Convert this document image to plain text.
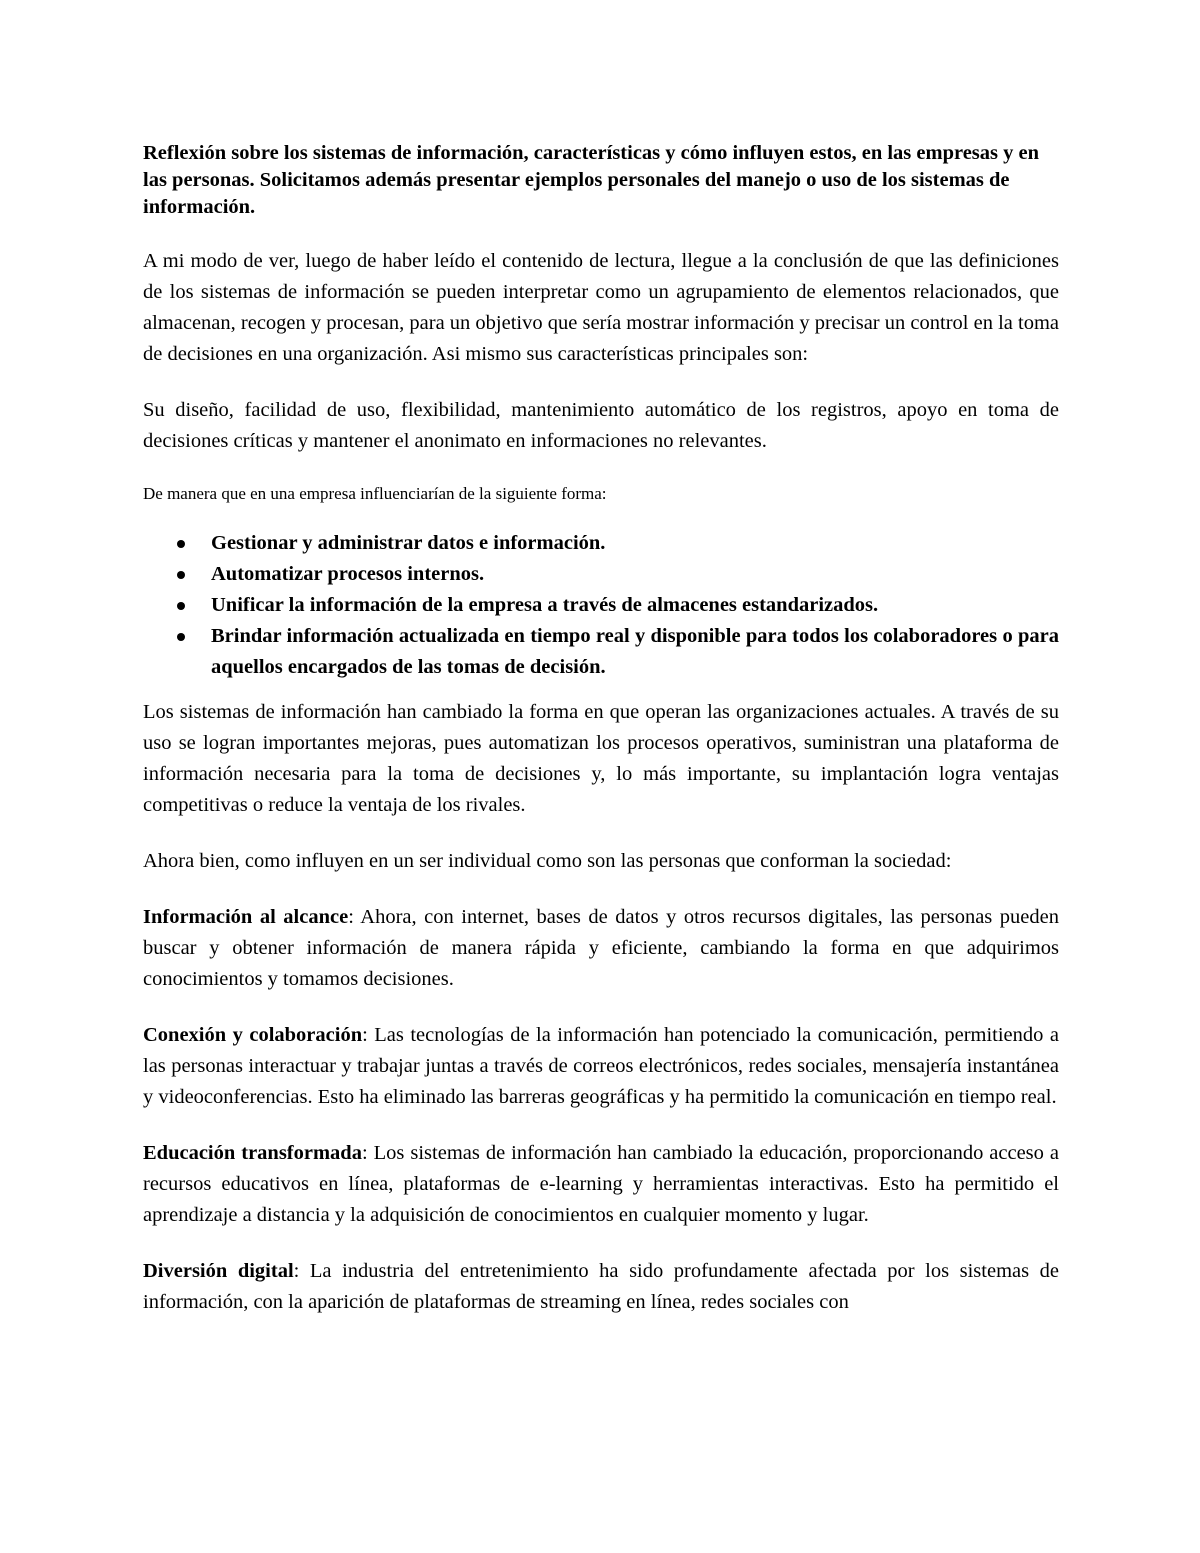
Reflexión sobre los sistemas de información, características y cómo influyen estos, en las empresas y en las personas. Solicitamos además presentar ejemplos personales del manejo o uso de los sistemas de información.

A mi modo de ver, luego de haber leído el contenido de lectura, llegue a la conclusión de que las definiciones de los sistemas de información se pueden interpretar como un agrupamiento de elementos relacionados, que almacenan, recogen y procesan, para un objetivo que sería mostrar información y precisar un control en la toma de decisiones en una organización. Asi mismo sus características principales son:

Su diseño, facilidad de uso, flexibilidad, mantenimiento automático de los registros, apoyo en toma de decisiones críticas y mantener el anonimato en informaciones no relevantes.

De manera que en una empresa influenciarían de la siguiente forma:

Gestionar y administrar datos e información.
Automatizar procesos internos.
Unificar la información de la empresa a través de almacenes estandarizados.
Brindar información actualizada en tiempo real y disponible para todos los colaboradores o para aquellos encargados de las tomas de decisión.

Los sistemas de información han cambiado la forma en que operan las organizaciones actuales. A través de su uso se logran importantes mejoras, pues automatizan los procesos operativos, suministran una plataforma de información necesaria para la toma de decisiones y, lo más importante, su implantación logra ventajas competitivas o reduce la ventaja de los rivales.

Ahora bien, como influyen en un ser individual como son las personas que conforman la sociedad:

Información al alcance: Ahora, con internet, bases de datos y otros recursos digitales, las personas pueden buscar y obtener información de manera rápida y eficiente, cambiando la forma en que adquirimos conocimientos y tomamos decisiones.

Conexión y colaboración: Las tecnologías de la información han potenciado la comunicación, permitiendo a las personas interactuar y trabajar juntas a través de correos electrónicos, redes sociales, mensajería instantánea y videoconferencias. Esto ha eliminado las barreras geográficas y ha permitido la comunicación en tiempo real.

Educación transformada: Los sistemas de información han cambiado la educación, proporcionando acceso a recursos educativos en línea, plataformas de e-learning y herramientas interactivas. Esto ha permitido el aprendizaje a distancia y la adquisición de conocimientos en cualquier momento y lugar.

Diversión digital: La industria del entretenimiento ha sido profundamente afectada por los sistemas de información, con la aparición de plataformas de streaming en línea, redes sociales con
